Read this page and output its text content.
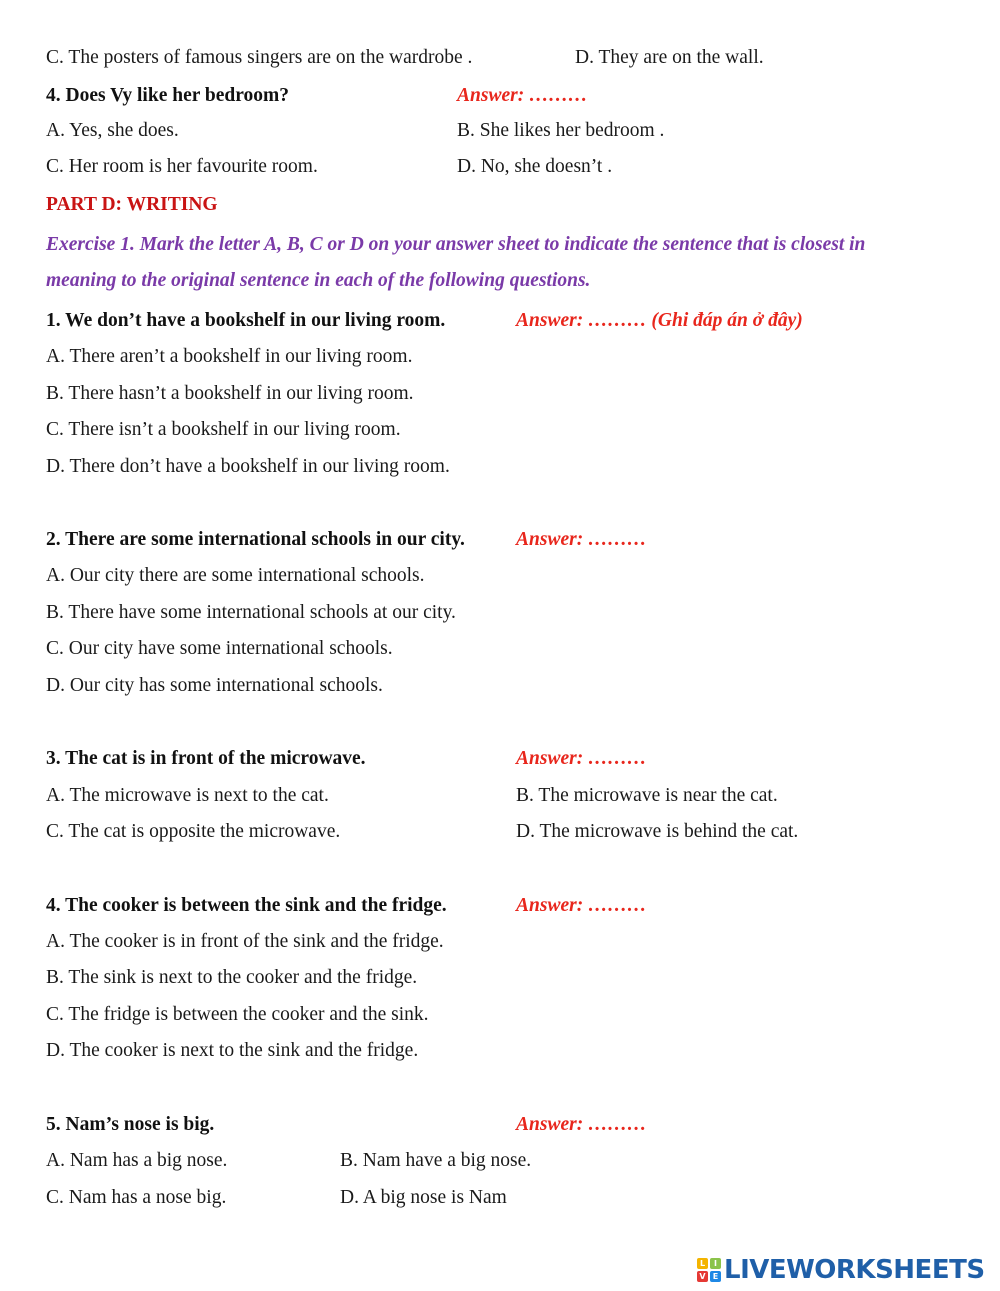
C. The posters of famous singers are on the wardrobe .	D. They are on the wall.
4. Does Vy like her bedroom?	Answer: ………
A. Yes, she does.	B. She likes her bedroom .
C. Her room is her favourite room.	D. No, she doesn’t .
PART D: WRITING
Exercise 1. Mark the letter A, B, C or D on your answer sheet to indicate the sentence that is closest in
meaning to the original sentence in each of the following questions.
1. We don’t have a bookshelf in our living room.	Answer: ……… (Ghi đáp án ở đây)
A. There aren’t a bookshelf in our living room.
B. There hasn’t a bookshelf in our living room.
C. There isn’t a bookshelf in our living room.
D. There don’t have a bookshelf in our living room.
2. There are some international schools in our city.	Answer: ………
A. Our city there are some international schools.
B. There have some international schools at our city.
C. Our city have some international schools.
D. Our city has some international schools.
3. The cat is in front of the microwave.	Answer: ………
A. The microwave is next to the cat.	B. The microwave is near the cat.
C. The cat is opposite the microwave.	D. The microwave is behind the cat.
4. The cooker is between the sink and the fridge.	Answer: ………
A. The cooker is in front of the sink and the fridge.
B. The sink is next to the cooker and the fridge.
C. The fridge is between the cooker and the sink.
D. The cooker is next to the sink and the fridge.
5. Nam’s nose is big.	Answer: ………
A. Nam has a big nose.	B. Nam have a big nose.
C. Nam has a nose big.	D. A big nose is Nam
L	I
V E LIVEWORKSHEETS
